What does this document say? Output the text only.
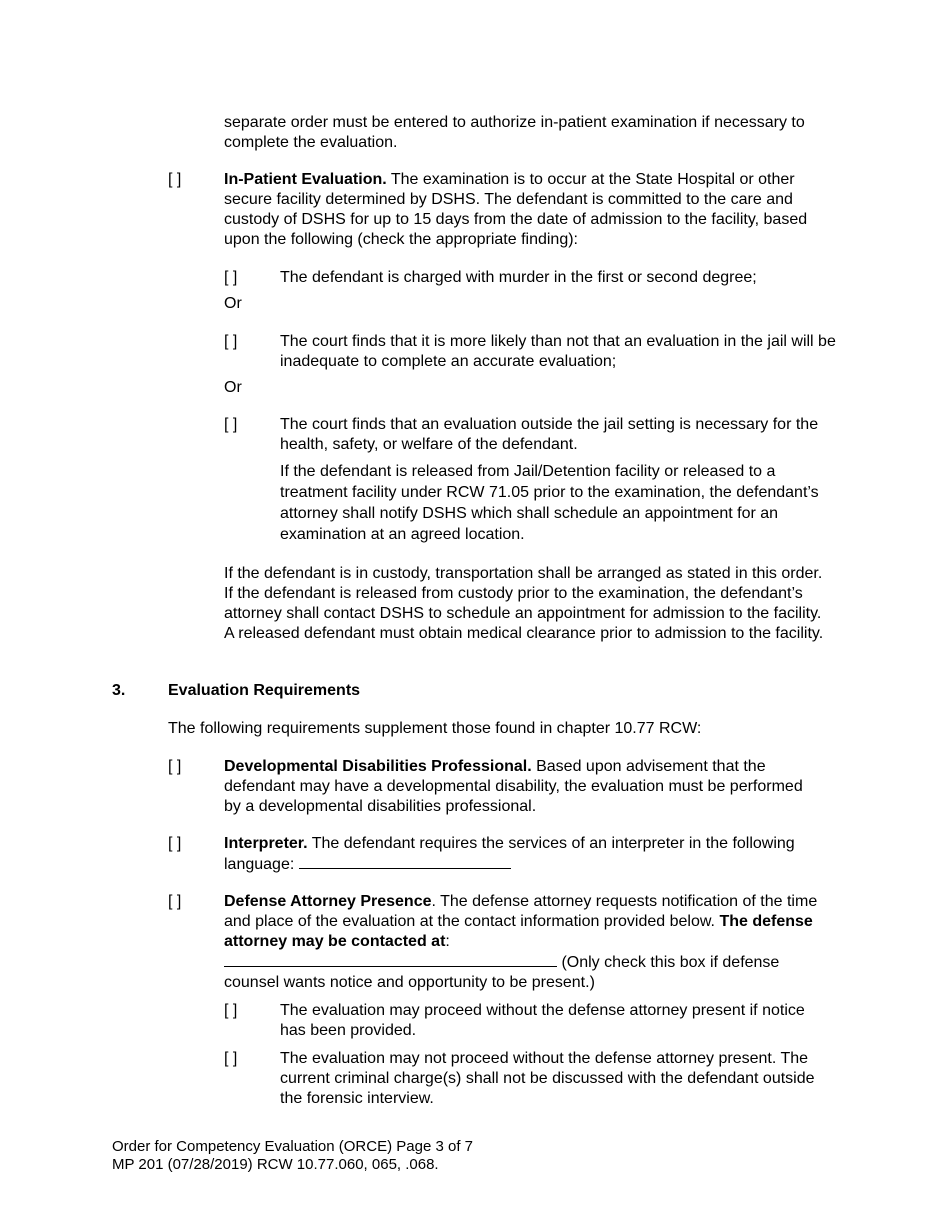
separate order must be entered to authorize in-patient examination if necessary to complete the evaluation.

[ ]	In-Patient Evaluation. The examination is to occur at the State Hospital or other secure facility determined by DSHS. The defendant is committed to the care and custody of DSHS for up to 15 days from the date of admission to the facility, based upon the following (check the appropriate finding):

[ ]	The defendant is charged with murder in the first or second degree;

Or
[ ]	The court finds that it is more likely than not that an evaluation in the jail will be inadequate to complete an accurate evaluation;

Or
[ ]	The court finds that an evaluation outside the jail setting is necessary for the health, safety, or welfare of the defendant.

If the defendant is released from Jail/Detention facility or released to a treatment facility under RCW 71.05 prior to the examination, the defendant’s attorney shall notify DSHS which shall schedule an appointment for an examination at an agreed location.

If the defendant is in custody, transportation shall be arranged as stated in this order. If the defendant is released from custody prior to the examination, the defendant’s attorney shall contact DSHS to schedule an appointment for admission to the facility. A released defendant must obtain medical clearance prior to admission to the facility.

3.	Evaluation Requirements
The following requirements supplement those found in chapter 10.77 RCW:
[ ]	Developmental Disabilities Professional. Based upon advisement that the defendant may have a developmental disability, the evaluation must be performed by a developmental disabilities professional.

[ ]	Interpreter. The defendant requires the services of an interpreter in the following language:

[ ]	Defense Attorney Presence. The defense attorney requests notification of the time and place of the evaluation at the contact information provided below. The defense attorney may be contacted at:
(Only check this box if defense counsel wants notice and opportunity to be present.)

[ ]	The evaluation may proceed without the defense attorney present if notice has been provided.

[ ]	The evaluation may not proceed without the defense attorney present. The current criminal charge(s) shall not be discussed with the defendant outside the forensic interview.

Order for Competency Evaluation (ORCE) Page 3 of 7
MP 201 (07/28/2019) RCW 10.77.060, 065, .068.
